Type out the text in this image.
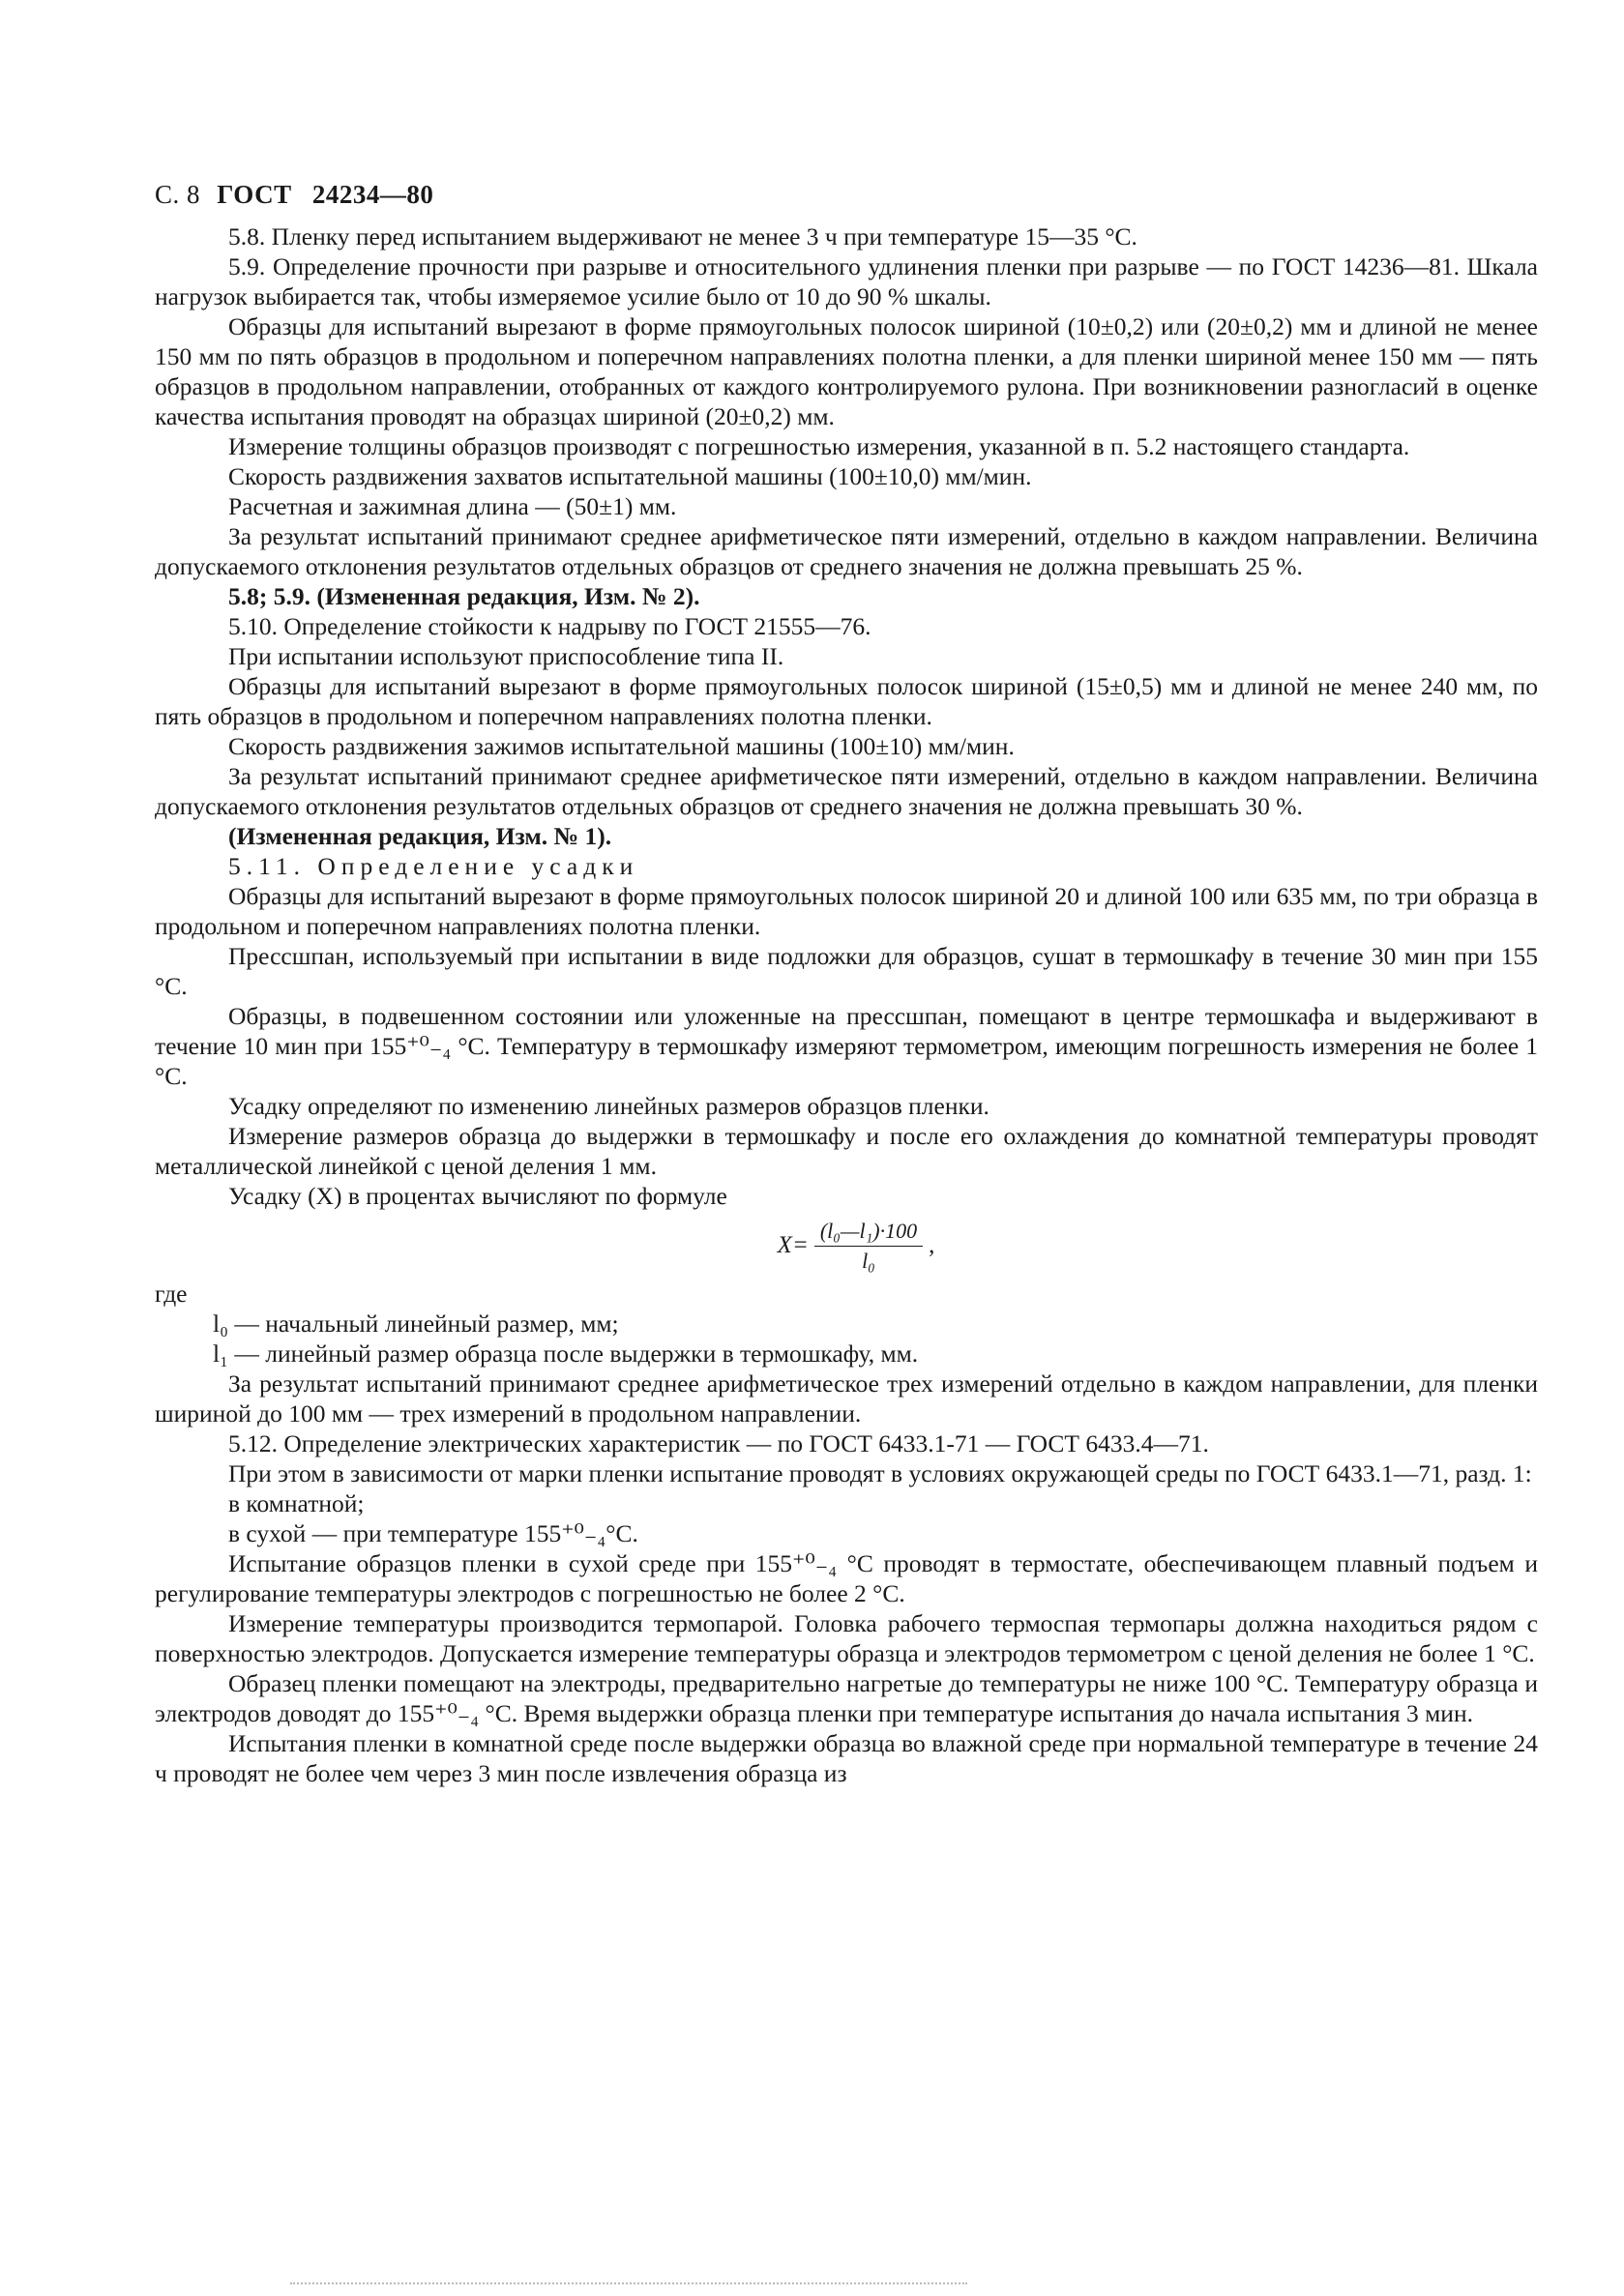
С. 8 ГОСТ 24234—80

5.8. Пленку перед испытанием выдерживают не менее 3 ч при температуре 15—35 °С.

5.9. Определение прочности при разрыве и относительного удлинения пленки при разрыве — по ГОСТ 14236—81. Шкала нагрузок выбирается так, чтобы измеряемое усилие было от 10 до 90 % шкалы.

Образцы для испытаний вырезают в форме прямоугольных полосок шириной (10±0,2) или (20±0,2) мм и длиной не менее 150 мм по пять образцов в продольном и поперечном направлениях полотна пленки, а для пленки шириной менее 150 мм — пять образцов в продольном направлении, отобранных от каждого контролируемого рулона. При возникновении разногласий в оценке качества испытания проводят на образцах шириной (20±0,2) мм.

Измерение толщины образцов производят с погрешностью измерения, указанной в п. 5.2 настоящего стандарта.

Скорость раздвижения захватов испытательной машины (100±10,0) мм/мин.

Расчетная и зажимная длина — (50±1) мм.

За результат испытаний принимают среднее арифметическое пяти измерений, отдельно в каждом направлении. Величина допускаемого отклонения результатов отдельных образцов от среднего значения не должна превышать 25 %.

5.8; 5.9. (Измененная редакция, Изм. № 2).

5.10. Определение стойкости к надрыву по ГОСТ 21555—76.

При испытании используют приспособление типа II.

Образцы для испытаний вырезают в форме прямоугольных полосок шириной (15±0,5) мм и длиной не менее 240 мм, по пять образцов в продольном и поперечном направлениях полотна пленки.

Скорость раздвижения зажимов испытательной машины (100±10) мм/мин.

За результат испытаний принимают среднее арифметическое пяти измерений, отдельно в каждом направлении. Величина допускаемого отклонения результатов отдельных образцов от среднего значения не должна превышать 30 %.

(Измененная редакция, Изм. № 1).

5.11. Определение усадки

Образцы для испытаний вырезают в форме прямоугольных полосок шириной 20 и длиной 100 или 635 мм, по три образца в продольном и поперечном направлениях полотна пленки.

Прессшпан, используемый при испытании в виде подложки для образцов, сушат в термошкафу в течение 30 мин при 155 °С.

Образцы, в подвешенном состоянии или уложенные на прессшпан, помещают в центре термошкафа и выдерживают в течение 10 мин при 155⁺⁰₋₄ °С. Температуру в термошкафу измеряют термометром, имеющим погрешность измерения не более 1 °С.

Усадку определяют по изменению линейных размеров образцов пленки.

Измерение размеров образца до выдержки в термошкафу и после его охлаждения до комнатной температуры проводят металлической линейкой с ценой деления 1 мм.

Усадку (X) в процентах вычисляют по формуле

$X= \frac{\text{(l₀—l₁)·100}}{\text{l₀}}$ ,

где

l₀ — начальный линейный размер, мм;

l₁ — линейный размер образца после выдержки в термошкафу, мм.

За результат испытаний принимают среднее арифметическое трех измерений отдельно в каждом направлении, для пленки шириной до 100 мм — трех измерений в продольном направлении.

5.12. Определение электрических характеристик — по ГОСТ 6433.1-71 — ГОСТ 6433.4—71.

При этом в зависимости от марки пленки испытание проводят в условиях окружающей среды по ГОСТ 6433.1—71, разд. 1:

в комнатной;

в сухой — при температуре 155⁺⁰₋₄°С.

Испытание образцов пленки в сухой среде при 155⁺⁰₋₄ °С проводят в термостате, обеспечивающем плавный подъем и регулирование температуры электродов с погрешностью не более 2 °С.

Измерение температуры производится термопарой. Головка рабочего термоспая термопары должна находиться рядом с поверхностью электродов. Допускается измерение температуры образца и электродов термометром с ценой деления не более 1 °С.

Образец пленки помещают на электроды, предварительно нагретые до температуры не ниже 100 °С. Температуру образца и электродов доводят до 155⁺⁰₋₄ °С. Время выдержки образца пленки при температуре испытания до начала испытания 3 мин.

Испытания пленки в комнатной среде после выдержки образца во влажной среде при нормальной температуре в течение 24 ч проводят не более чем через 3 мин после извлечения образца из
